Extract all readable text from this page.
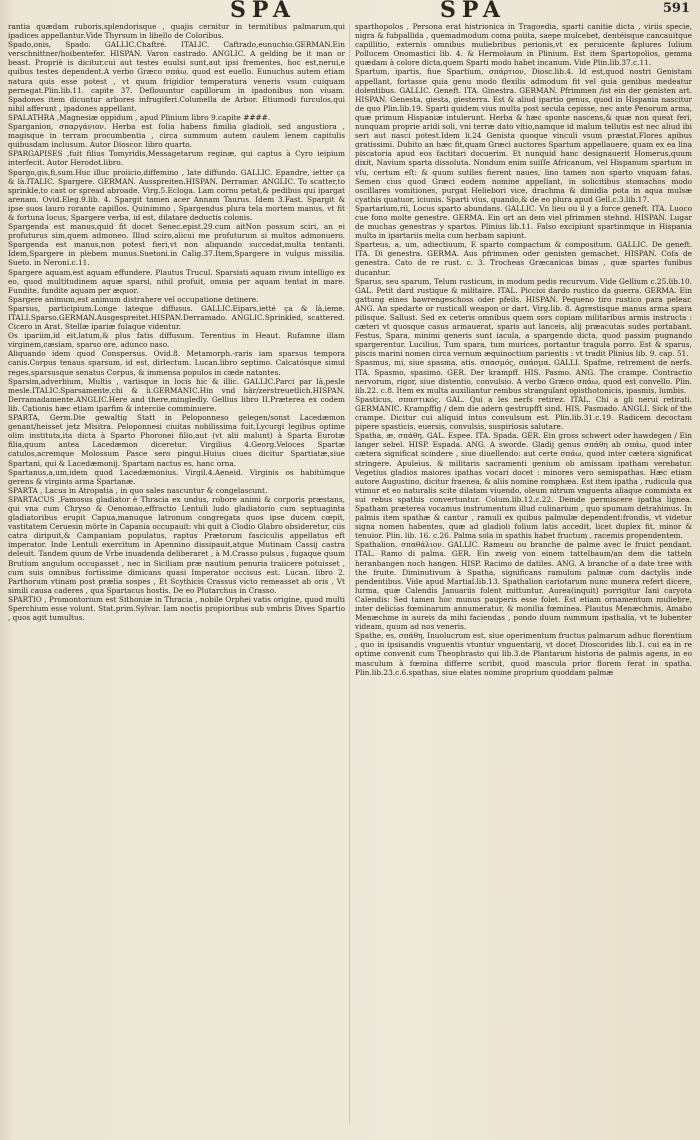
SPA	SPA	591

rantia quædam ruboris,splendorisque , quajis cernitur in termitibus palmarum,qui ipadices appellantur.Vide Thyrsum in libello de Coloribus.

Spado,onis, Spado. GALLIC.Chaftré. ITALIC. Caftrado,eunuchio.GERMAN.Ein verschnittner/hoibentefer. HISPAN. Varon castrado. ANGLIC. A gelding be it man or beast. Propriè is dicitur,cui aut testes euulsi sunt,aut ipsi frementes, hoc est,nerui,e quibus testes dependent.A verbo Græco σπάω, quod est euello. Eunuchus autem etiam natura quis esse potest , vt quum frigidior temperatura veneris vsum cuiquam pernegat.Plin.lib.11. capite 37. Deflouuntur capillorum in ipadonibus non viuam. Spadones item dicuntur arbores infrugiferi.Columella de Arbor. Etiumodi furculos,qui nihil afferunt , ipadones appellant.

SPALATHRA ,Magnesiæ oppidum , apud Plinium libro 9.capite ####.

Sparganion, σπαργάνιον. Herba est folia habens fimilia gladioli, sed angustiora , magisque in terram procumbentia , circa summum autem caulem lenem capitulis quibusdam inclusum. Autor Dioscor. libro quarto.

SPARGAPISES ,fuit filius Tomyridis,Messagetarum reginæ, qui captus à Cyro ieipium interfecit. Autor Herodot.libro.

Spargo,gis,fi,sum.Huc illuc proiicio,diffemino , late diffundo. GALLIC. Epandre, ietter ça & là.ITALIC. Spargere. GERMAN. Ausspreiten.HISPAN. Derramar. ANGLIC. To scatter,to sprinkle,to cast or spread abroade. Virg.5.Ecloga. Lam cornu petat,& pedibus qui ipargat arenam. Ovid.Eleg.9.lib. 4. Spargit tamen acer Annam Taurus. Idem 3.Fast. Spargit & ipse suos lauro rorante capillos. Quinimmo , Spargendus plura tela mortem manus, vt fit & fortuna locus, Spargere verba, id est, dilatare deductis colonis.

Spargenda est manus,quid fit docet Senec.epist.29.cum aitNon possum sciri, an ei profuturus sim,quem admoneo. Illud sciro,alicui me profuturum si multos admonuero. Spargenda est manus,non potest fieri,vt non aliquando succedat,multa tentanti. Idem,Spargere in plebem munus.Suetoni.in Calig.37.Item,Spargere in vulgus missilia. Sueto. in Neroni.c.11.

Spargere aquam,est aquam effundere. Plautus Trucul. Sparsisti aquam rivum intelligo ex eo, quod multitudinem aquæ sparsi, nihil profuit, omnia per aquam tentat in mare. Fundite, fundite aquam per æquor.

Spargere animum,est animum distrahere vel occupatione detinere.

Sparsus, participium.Longe lateque diffusus. GALLIC.Eipars,ietté ça & là,ieme. ITALI.Sparso.GERMAN.Ausgespreitet.HISPAN.Derramado. ANGLIC.Sprinkled, scattered. Cicero in Arat. Stellæ ipariæ fulaque videntur.

Os ipariim,id eit,latum,& plus fatis diffusum. Terentius in Heaut. Rufamne illam virginem,cæsiam, sparso ore, adunco naso.

Aliquando idem quod Conspersus. Ovid.8. Metamorph.-raris iam sparsus tempora canis.Corpus tenaus sparsum, id est, dirlectum. Lucan.libro septimo. Calcatósque simul reges,sparsusque senatus Corpus, & immensa populos in cæde natantes.

Sparsim,adverbium, Multis , variisque in locis hic & illic. GALLIC.Parci par là,pesle mesle.ITALIC.Sparsamente,chi & li.GERMANIC.Hin vnd här/zerstreuetlich.HISPAN. Derramadamente.ANGLIC.Here and there,mingledly. Gellius libro II.Præterea ex codem lib. Cationis hæc etiam iparfim & interciie comminuere.

SPARTA, Germ.Die gewaltig Statt in Peloponneso gelegen/sonst Lacedæmon genant/heisset jetz Misitra. Peloponnesi ciuitas nobilissima fuit,Lycurgi legibus optime olim instituta,ita dicta à Sparto Phoronei filio,aut (vt alii malunt) à Sparta Eurotæ filia,quum antea Lacedæmon diceretur. Virgilius 4.Georg.Veloces Spartæ catulos,acremque Molossum Pasce sero pingui.Huius ciues dicitur Spartiatæ,siue Spartani, qui & Lacedæmonij. Spartam nactus es, hanc orna.

Spartanus,a,um,idem quod Lacedæmonius. Virgil.4.Aeneid. Virginis os habitúmque gerens & virginis arma Spartanæ.

SPARTA , Lacus in Atropatia , in quo sales nascuntur & congelascunt.

SPARTACUS ,Famosus gladiator è Thracia ex undus, robore animi & corporis præstans, qui vna cum Chryso & Oenomao,effractio Lentuli ludo gladiatorio cum septuaginta gladiatoribus erupit Capua,manuque latronum congregata quos ipse ducem cœpit, vastitatem Ceruesin mörte in Capania occupauit: vbi quit à Clodio Glabro obsideretur, ciis catra diripuit,& Campaniam populatus, raptus Prætorum fasciculis appellatus eft imperator. Inde Lentuli exercitum in Apennino dissipauit,atque Mutinam Cassij castra deleuit. Tandem quum de Vrbe inuadenda deliberaret , à M.Crasso pulsus , fugaque quum Brutium angulum occupasset , nec in Siciliam præ nautium penuria traiicere potuisset , cum suis omnibus fortissime dimicans quasi Imperator occisus est. Lucan. libro 2. Parthorum vtinam post prælia sospes , Et Scythicis Crassus victo remeasset ab oris , Vt simili causa caderes , qua Spartacus hostis. De eo Plutarchus in Crasso.

SPARTIO , Promontorium est Sithoniæ in Thracia , nobile Orphei vatis origine, quod multi Sperchium esse volunt. Stat.prim.Sylvar. Iam noctis propioribus sub vmbris Dives Spartio , quos agit tumultus.

sparthopolos , Persona erat histrionica in Tragoedia, sparti canitie dicta , viriis specie, nigra & fubpallida , quemadmodum coma poiita, saepe mulcebet, dentéisque cancauitque capillitio, externis omnibus muliebribus perionis,vt ex peruicente &plures Iulium Pollucem Onomastici lib. 4. & Hermolaum in Plinium. Est item Spartopolios, gemma quædam à colore dicta,quem Sparti modo habet incanum. Vide Plin.lib.37.c.11.

Spartum, ipartis, fiue Spartium, σπάρτιον, Diosc.lib.4. Id est,quod nostri Genistam appellant, fortasse quia genu modo flexilis admodum fit vel quia genibus medeatur dolentibus. GALLIC. Geneft. ITA. Ginestra. GERMAN. Pfrimmen /ist ein der genisten art. HISPAN. Genesta, giesta, giesterra. Est & aliud ipartio genus, quod in Hispania nascitur de quo Plin.lib.19. Sparti quidem vius multa post secula cepisse, nec ante Penorum arma, quæ primum Hispaniæ intulerunt. Herba & hæc sponte nascens,& quæ non queat feri, nunquam proprie aridi soli, vni terræ dato vitio,namque id malum tellutis est nec aliud ibi seri aut nasci potest.Idem li.24 Genista quoque vinculi vsum præstat.Flores apibus gratissimi. Dubito an hæc fit,quam Græci auctores Spartum appellauere, quam ex ea lina piscatoria apud eos factitari docuerim. Et nunquid hanc designauerit Homerus,quum dixit, Navium sparta dissoluta. Nondum enim suiſſe Africanum, vel Hispanum spartum in vſu, certum eſt: & quum sutiles fierent naues, lino tamen non sparto vnquam fatas. Semen cius quod Græci eodem nomine appellant, in solicitibus stomachos modo oscillares vomitiones, purgat Heliebori vice, drachma & dimidia pota in aqua mulsæ cyathis quatuor, iciunis. Sparti vius, quando,& de eo plura apud Gell.c.3.lib.17.

Spartarium,rii, Locus sparto abundans. GALLIC. Vn lieu ou il y a force geneft. ITA. Luoco cue fono molte genestre. GERMA. Ein ort an dem viel pfrimmen stehnd. HISPAN. Lugar de muchas genestras y spartos. Plinius lib.11. Falso excipiunt spartinmque in Hispania multa in ipartariis melia cum herbam sapiunt.

Sparteus, a, um, adiectiuum, E sparto compactum & compositum. GALLIC. De geneft. ITA. Di genestra. GERMA. Aus pfrimmen oder genisten gemachet. HISPAN. Cofa de genestra. Cato de re rust. c. 3. Trocheas Græcanicas binas , quæ spartes funibus ducantur.

Sparus, seu sparum, Telum rusticum, in modum pedis recurvum. Vide Gellium c.25.lib.10. GAL. Petit dard rustique & militaire. ITAL. Piccioi dardo rustico da guerra. GERMA. Ein gattung eines bawrengeschoss oder pfeils. HISPAN. Pequeno tiro rustico para pelear. ANG. An spedarte or rusticall weapon or dart. Virg.lib. 8. Agrestisque manus arma spara pilisque. Sallust. Sed ex ceteris omnibus quem sors copiam militaribus armis instructa : cæteri vt quosque casus armauerat, sparis aut lanceis, alij præacutas sudes portabant. Festus, Spara, minimi generis sunt iacula, a spargendo dicta, quod passim pugnando spargerentur. Lucilius, Tum spara, tum murices, portantur tragula porro. Est & sparus, piscis marini nomen circa vernum æquinoctium parientis : vt tradit Plinius lib. 9. cap. 51.

Spasmus, mi, siue spasma, atis. σπασμός, σπάσμα. GALLI. Spafme, retrement de nerfs. ITA. Spasmo, spasimo. GER. Der krampff. HIS. Pasmo. ANG. The crampe. Contractio nervorum, rigor, siue distentio, convulsio. A verbo Græco σπάω, quod est convello. Plin. lib.22. c.8. Item ex multa auxiliantur rembus strangulant opisthotonicis, ipasmis, lumbis.

Spasticus, σπαστικός. GAL. Qui a les nerfs retirez. ITAL. Chi a gli nerui retirati. GERMANIC. Krampffig / dem die adern gestrupfft sind. HIS. Pasmado. ANGLI. Sick of the crampe. Dicitur cui aliquid intus convulsum est. Plin.lib.31.c.19. Radicem decoctam pipere spasticis, euersis, convulsis, suspiriosis salutare.

Spatha, æ, σπάθη. GAL. Espee. ITA. Spada. GER. Ein gross schwert oder hawdegen / Ein langer sebel. HISP. Espada. ANG. A sworde. Gladij genus σπάθη ab σπάω, quod inter cætera significat scindere , siue diuellendo: aut certe σπάω, quod inter cætera significat stringere. Apuleius, & militaris sacramenti genium ob amissam ipatham verebatur. Vegetius gladios maiores ipathas vocari docet : minores vero semispathas. Hæc etiam autore Augustino, dicitur fraenea, & aliis nomine romphæa. Est item ipatha , rudicula qua vtimur et eo naturalis scite dilatam viuendo, oleum nitrum vnguenta aliaque commixta ex sui rebus spathis convertuntur. Colum.lib.12.c.22. Deinde permiscere ipatha lignea. Spatham præterea vocamus instrumentum illud culinarium , quo spumam detrahimus. In palmis item spathæ & cantur , ramuli ex quibus palmulæ dependent:frondis, vt videtur signa nomen habentes, quæ ad gladioli folium latis accedit, licet duplex fit, minor & tenuior. Plin. lib. 16. c.26. Palma sola in spathis habet fructum , racemis propendentem.

Spathalion, σπαθάλιον. GALLIC. Rameau ou branche de palme avec le fruict pendant. ITAL. Ramo di palma. GER. Ein zweig von einem tattelbaum/an dem die tatteln heranhangen noch hangen. HISP. Racimo de datiles. ANG. A branche of a date tree with the fruite. Diminutivum à Spatha, significans ramulum palmæ cum dactylis inde pendentibus. Vide apud Martial.lib.13. Spathalion cariotarum nunc munera refert dicere, lurma, quæ Calendis Januariis folent mittuntur. Aurea(inquit) porrigitur Iani caryota Calendis: Sed tamen hoc munus pauperis esse folet. Est etiam ornamentum muliebre, inter delicias fœminarum annumeratur, & monilia fœminea. Plautus Menæchmis, Amabo Menæchme in aureis da mihi faciendas , pondo duum nummum ipathalia, vt te lubenter videam, quum ad nos veneris.

Spathe, es, σπάθη, Inuolucrum est, siue operimentum fructus palmarum adhuc florentium , quo in ipsisandis vnguentis vtuntur vnguentarij, vt docet Dioscorides lib.1. cui ea in re optime convenit cum Theophrasto qui lib.3.de Plantarum historia de palmis agens, in eo masculum à fœmina differre scribit, quod mascula prior florem ferat in spatha. Plin.lib.23.c.6.spathas, siue elates nomine proprium quoddam palmæ
